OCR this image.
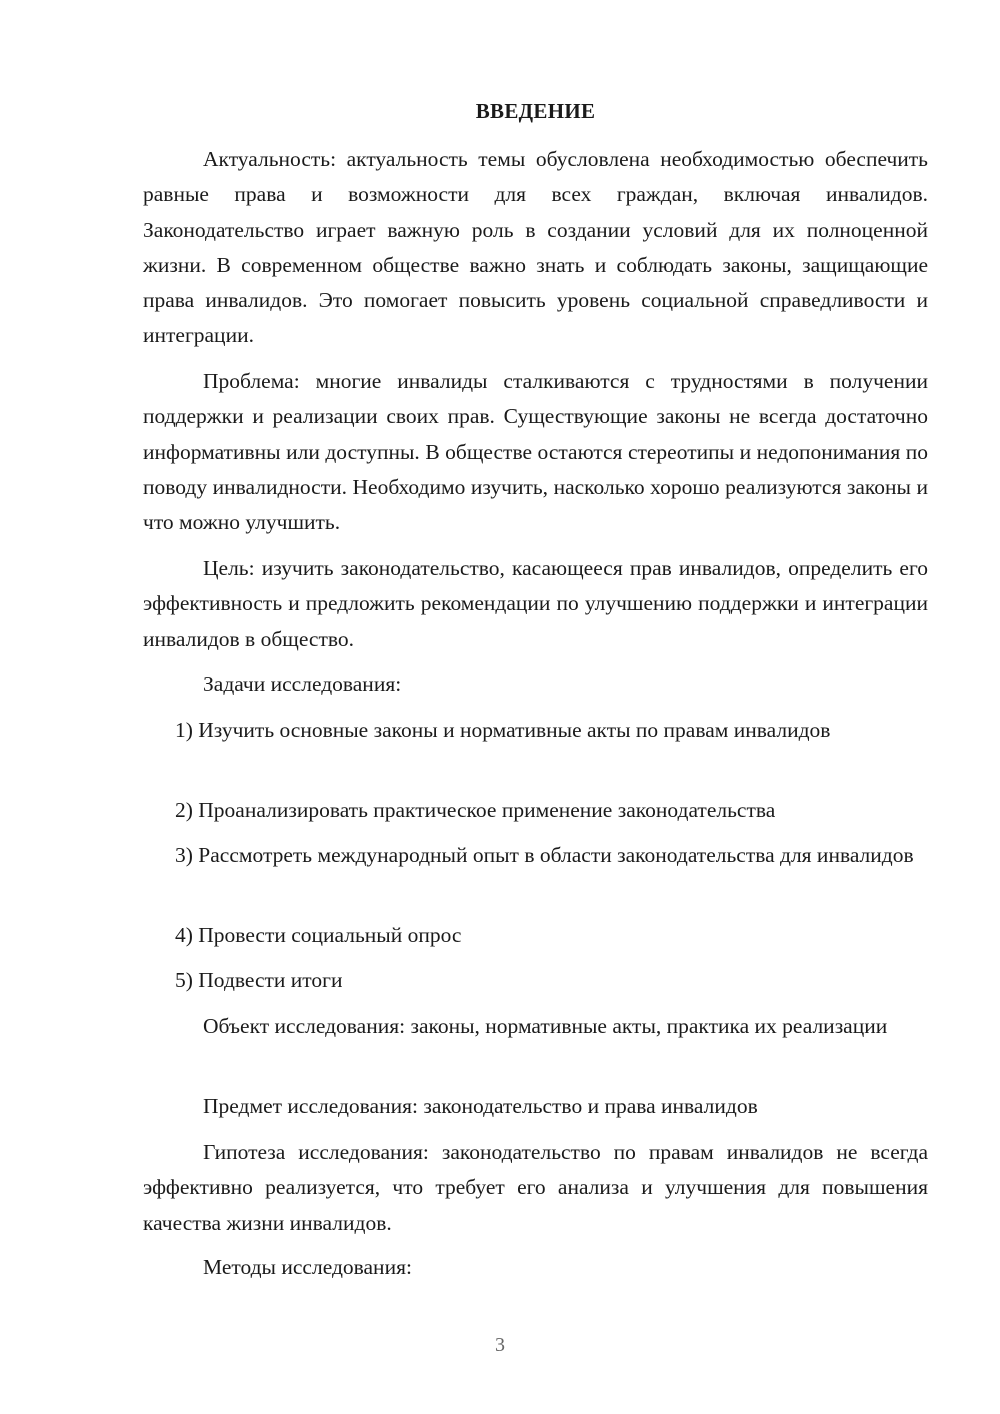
ВВЕДЕНИЕ

Актуальность: актуальность темы обусловлена необходимостью обеспечить равные права и возможности для всех граждан, включая инвалидов. Законодательство играет важную роль в создании условий для их полноценной жизни. В современном обществе важно знать и соблюдать законы, защищающие права инвалидов. Это помогает повысить уровень социальной справедливости и интеграции.

Проблема: многие инвалиды сталкиваются с трудностями в получении поддержки и реализации своих прав. Существующие законы не всегда достаточно информативны или доступны. В обществе остаются стереотипы и недопонимания по поводу инвалидности. Необходимо изучить, насколько хорошо реализуются законы и что можно улучшить.

Цель: изучить законодательство, касающееся прав инвалидов, определить его эффективность и предложить рекомендации по улучшению поддержки и интеграции инвалидов в общество.

Задачи исследования:

1) Изучить основные законы и нормативные акты по правам инвалидов

2) Проанализировать практическое применение законодательства

3) Рассмотреть международный опыт в области законодательства для инвалидов

4) Провести социальный опрос

5) Подвести итоги

Объект исследования: законы, нормативные акты, практика их реализации

Предмет исследования: законодательство и права инвалидов

Гипотеза исследования: законодательство по правам инвалидов не всегда эффективно реализуется, что требует его анализа и улучшения для повышения качества жизни инвалидов.

Методы исследования:

3
